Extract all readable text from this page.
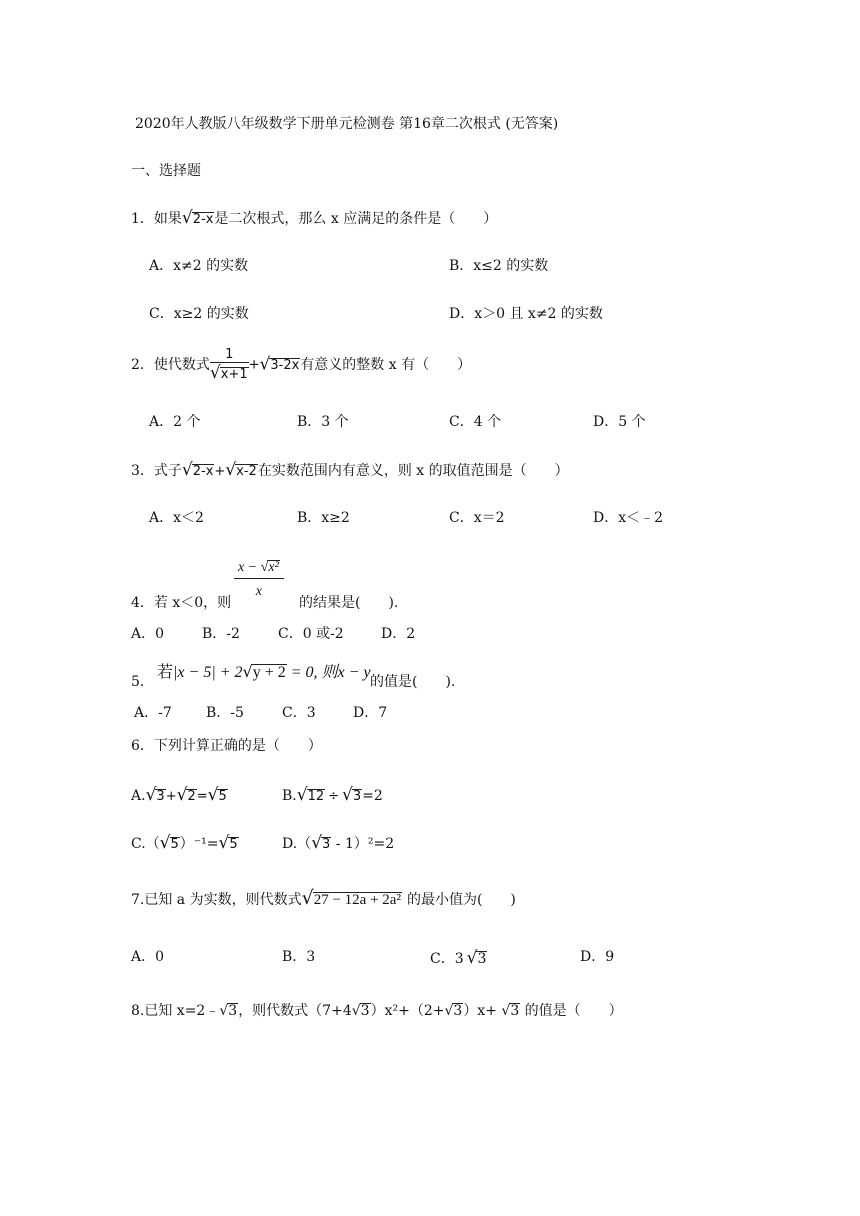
2020年人教版八年级数学下册单元检测卷 第16章二次根式 (无答案)
一、选择题
1．如果√2-x是二次根式，那么 x 应满足的条件是（　　）
A．x≠2 的实数	B．x≤2 的实数
C．x≥2 的实数	D．x＞0 且 x≠2 的实数
2．使代数式 $\frac{1}{√x+1} +√3-2x$有意义的整数 x 有（　　）
A．2 个	B．3 个	C．4 个	D．5 个
3．式子√2-x+√x-2在实数范围内有意义，则 x 的取值范围是（　　）
A．x＜2	B．x≥2	C．x＝2	D．x＜﹣2
$\frac{\text{x − √x²}}{x}$
4．若 x＜0，则	的结果是(　　).
A．0	B．-2	C．0 或-2	D．2
5．
若|x − 5| + 2√y + 2 = 0, 则x − y
的值是(　　).
A．-7 B．-5	C．3	D．7
6．下列计算正确的是（　　）
A.√3+√2=√5	B.√12 ÷ √3=2
C.（√5）⁻¹=√5	D.（√3 - 1）²=2
7.已知 a 为实数，则代数式√27 − 12a + 2a² 的最小值为(　　)
A．0	B．3	C．3 √3	D．9
8.已知 x=2﹣√3，则代数式（7+4√3）x²+（2+√3）x+ √3 的值是（　　）
